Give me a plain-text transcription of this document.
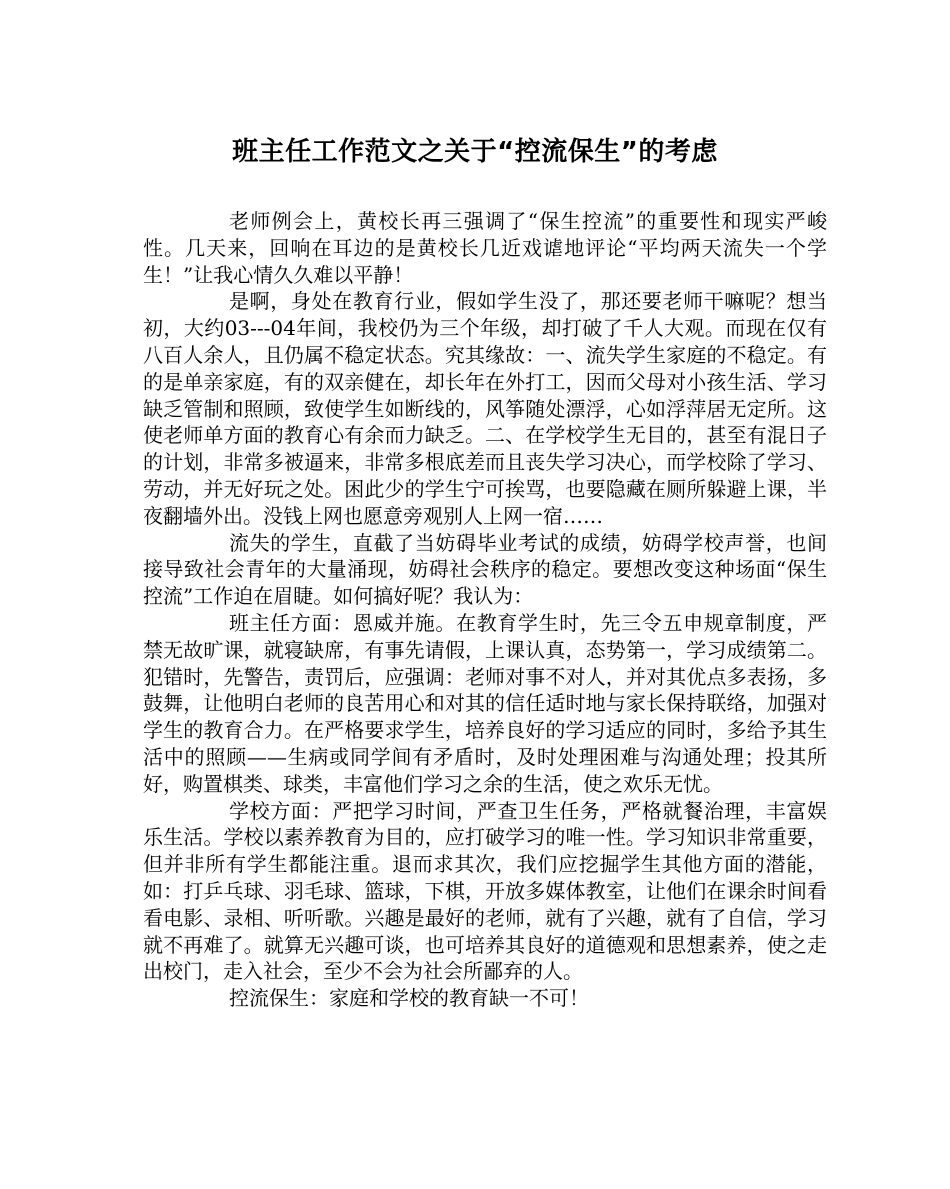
班主任工作范文之关于“控流保生”的考虑

老师例会上，黄校长再三强调了“保生控流”的重要性和现实严峻性。几天来，回响在耳边的是黄校长几近戏谑地评论“平均两天流失一个学生！”让我心情久久难以平静！

是啊，身处在教育行业，假如学生没了，那还要老师干嘛呢？想当初，大约03---04年间，我校仍为三个年级，却打破了千人大观。而现在仅有八百人余人，且仍属不稳定状态。究其缘故：一、流失学生家庭的不稳定。有的是单亲家庭，有的双亲健在，却长年在外打工，因而父母对小孩生活、学习缺乏管制和照顾，致使学生如断线的，风筝随处漂浮，心如浮萍居无定所。这使老师单方面的教育心有余而力缺乏。二、在学校学生无目的，甚至有混日子的计划，非常多被逼来，非常多根底差而且丧失学习决心，而学校除了学习、劳动，并无好玩之处。困此少的学生宁可挨骂，也要隐藏在厕所躲避上课，半夜翻墙外出。没钱上网也愿意旁观别人上网一宿……

流失的学生，直截了当妨碍毕业考试的成绩，妨碍学校声誉，也间接导致社会青年的大量涌现，妨碍社会秩序的稳定。要想改变这种场面“保生控流”工作迫在眉睫。如何搞好呢？我认为：

班主任方面：恩威并施。在教育学生时，先三令五申规章制度，严禁无故旷课，就寝缺席，有事先请假，上课认真，态势第一，学习成绩第二。犯错时，先警告，责罚后，应强调：老师对事不对人，并对其优点多表扬，多鼓舞，让他明白老师的良苦用心和对其的信任适时地与家长保持联络，加强对学生的教育合力。在严格要求学生，培养良好的学习适应的同时，多给予其生活中的照顾——生病或同学间有矛盾时，及时处理困难与沟通处理；投其所好，购置棋类、球类，丰富他们学习之余的生活，使之欢乐无忧。

学校方面：严把学习时间，严查卫生任务，严格就餐治理，丰富娱乐生活。学校以素养教育为目的，应打破学习的唯一性。学习知识非常重要，但并非所有学生都能注重。退而求其次，我们应挖掘学生其他方面的潜能，如：打乒乓球、羽毛球、篮球，下棋，开放多媒体教室，让他们在课余时间看看电影、录相、听听歌。兴趣是最好的老师，就有了兴趣，就有了自信，学习就不再难了。就算无兴趣可谈，也可培养其良好的道德观和思想素养，使之走出校门，走入社会，至少不会为社会所鄙弃的人。

控流保生：家庭和学校的教育缺一不可！
